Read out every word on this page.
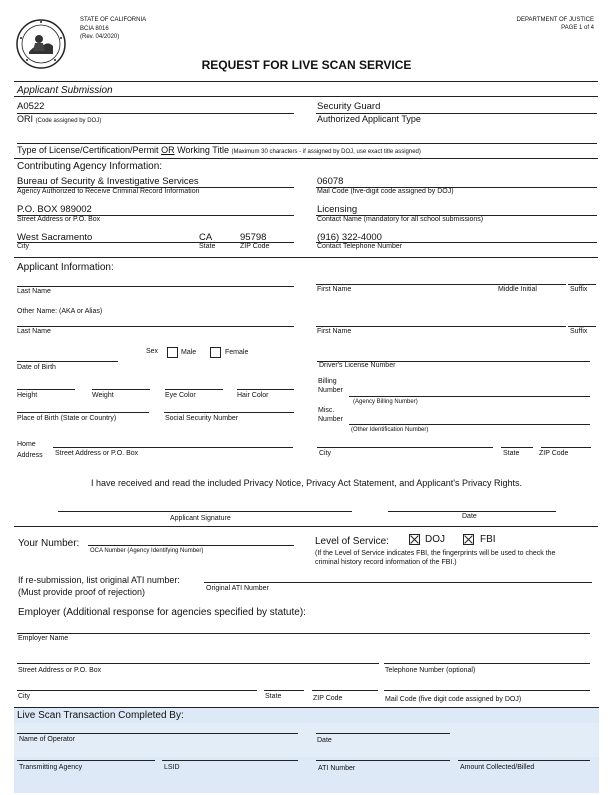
STATE OF CALIFORNIA
BCIA 8016
(Rev. 04/2020)
DEPARTMENT OF JUSTICE
PAGE 1 of 4
REQUEST FOR LIVE SCAN SERVICE
Applicant Submission
A0522
ORI (Code assigned by DOJ)
Security Guard
Authorized Applicant Type
Type of License/Certification/Permit OR Working Title (Maximum 30 characters - if assigned by DOJ, use exact title assigned)
Contributing Agency Information:
Bureau of Security & Investigative Services
Agency Authorized to Receive Criminal Record Information
06078
Mail Code (five-digit code assigned by DOJ)
P.O. BOX 989002
Street Address or P.O. Box
Licensing
Contact Name (mandatory for all school submissions)
West Sacramento	CA	95798
City	State	ZIP Code
(916) 322-4000
Contact Telephone Number
Applicant Information:
Last Name	First Name	Middle Initial	Suffix
Other Name: (AKA or Alias)
Last Name	First Name	Suffix
Sex	Male	Female
Date of Birth	Driver's License Number
Height	Weight	Eye Color	Hair Color
Billing Number
(Agency Billing Number)
Place of Birth (State or Country)	Social Security Number
Misc. Number
(Other Identification Number)
Home Address	Street Address or P.O. Box	City	State	ZIP Code
I have received and read the included Privacy Notice, Privacy Act Statement, and Applicant's Privacy Rights.
Applicant Signature	Date
Your Number:
OCA Number (Agency Identifying Number)
Level of Service:	DOJ	FBI
(If the Level of Service indicates FBI, the fingerprints will be used to check the
criminal history record information of the FBI.)
If re-submission, list original ATI number:
(Must provide proof of rejection)	Original ATI Number
Employer (Additional response for agencies specified by statute):
Employer Name
Street Address or P.O. Box	Telephone Number (optional)
City	State	ZIP Code	Mail Code (five digit code assigned by DOJ)
Live Scan Transaction Completed By:
Name of Operator	Date
Transmitting Agency	LSID	ATI Number	Amount Collected/Billed
